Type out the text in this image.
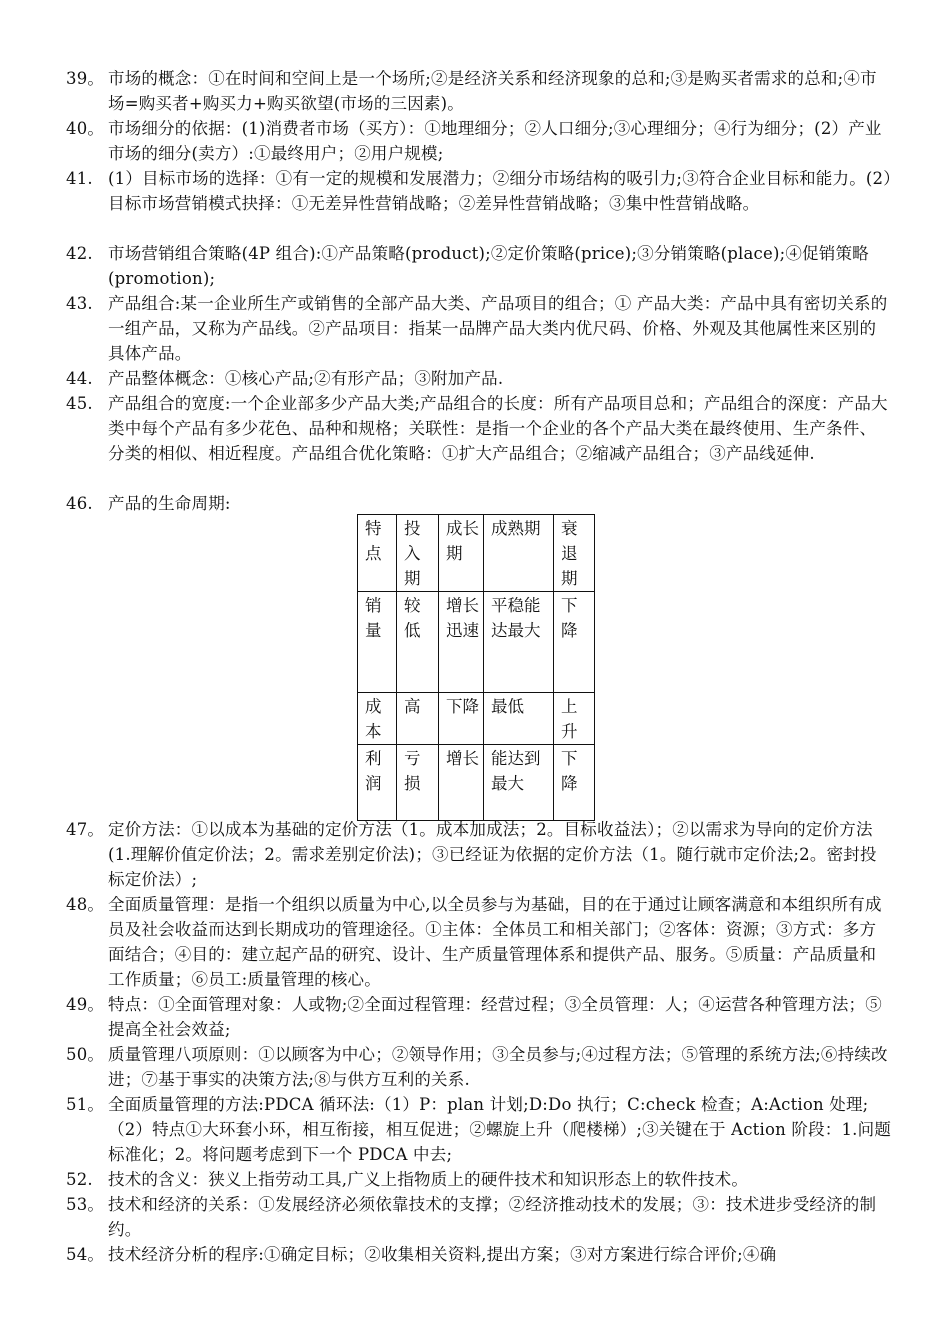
39。 市场的概念：①在时间和空间上是一个场所;②是经济关系和经济现象的总和;③是购买者需求的总和;④市场=购买者+购买力+购买欲望(市场的三因素)。
40。 市场细分的依据：(1)消费者市场（买方）：①地理细分；②人口细分;③心理细分；④行为细分；(2）产业市场的细分(卖方）:①最终用户；②用户规模;
41. (1）目标市场的选择：①有一定的规模和发展潜力；②细分市场结构的吸引力;③符合企业目标和能力。(2）目标市场营销模式抉择：①无差异性营销战略；②差异性营销战略；③集中性营销战略。
42. 市场营销组合策略(4P 组合):①产品策略(product);②定价策略(price);③分销策略(place);④促销策略(promotion);
43. 产品组合:某一企业所生产或销售的全部产品大类、产品项目的组合；① 产品大类：产品中具有密切关系的一组产品，又称为产品线。②产品项目：指某一品牌产品大类内优尺码、价格、外观及其他属性来区别的具体产品。
44. 产品整体概念：①核心产品;②有形产品；③附加产品.
45. 产品组合的宽度:一个企业部多少产品大类;产品组合的长度：所有产品项目总和；产品组合的深度：产品大类中每个产品有多少花色、品种和规格；关联性：是指一个企业的各个产品大类在最终使用、生产条件、分类的相似、相近程度。产品组合优化策略：①扩大产品组合；②缩减产品组合；③产品线延伸.
46. 产品的生命周期:
特点	投入期	成长期	成熟期	衰退期
销量	较低	增长迅速	平稳能达最大	下降
成本	高	下降	最低	上升
利润	亏损	增长	能达到最大	下降
47。 定价方法：①以成本为基础的定价方法（1。成本加成法；2。目标收益法）；②以需求为导向的定价方法(1.理解价值定价法；2。需求差别定价法)；③已经证为依据的定价方法（1。随行就市定价法;2。密封投标定价法）;
48。 全面质量管理：是指一个组织以质量为中心,以全员参与为基础，目的在于通过让顾客满意和本组织所有成员及社会收益而达到长期成功的管理途径。①主体：全体员工和相关部门；②客体：资源；③方式：多方面结合；④目的：建立起产品的研究、设计、生产质量管理体系和提供产品、服务。⑤质量：产品质量和工作质量；⑥员工:质量管理的核心。
49。 特点：①全面管理对象：人或物;②全面过程管理：经营过程；③全员管理：人；④运营各种管理方法；⑤提高全社会效益;
50。 质量管理八项原则：①以顾客为中心；②领导作用；③全员参与;④过程方法；⑤管理的系统方法;⑥持续改进；⑦基于事实的决策方法;⑧与供方互利的关系.
51。 全面质量管理的方法:PDCA 循环法:（1）P：plan 计划;D:Do 执行；C:check 检查；A:Action 处理;（2）特点①大环套小环，相互衔接，相互促进；②螺旋上升（爬楼梯）;③关键在于 Action 阶段：1.问题标准化；2。将问题考虑到下一个 PDCA 中去;
52. 技术的含义：狭义上指劳动工具,广义上指物质上的硬件技术和知识形态上的软件技术。
53。 技术和经济的关系：①发展经济必须依靠技术的支撑；②经济推动技术的发展；③：技术进步受经济的制约。
54。 技术经济分析的程序:①确定目标；②收集相关资料,提出方案；③对方案进行综合评价;④确
